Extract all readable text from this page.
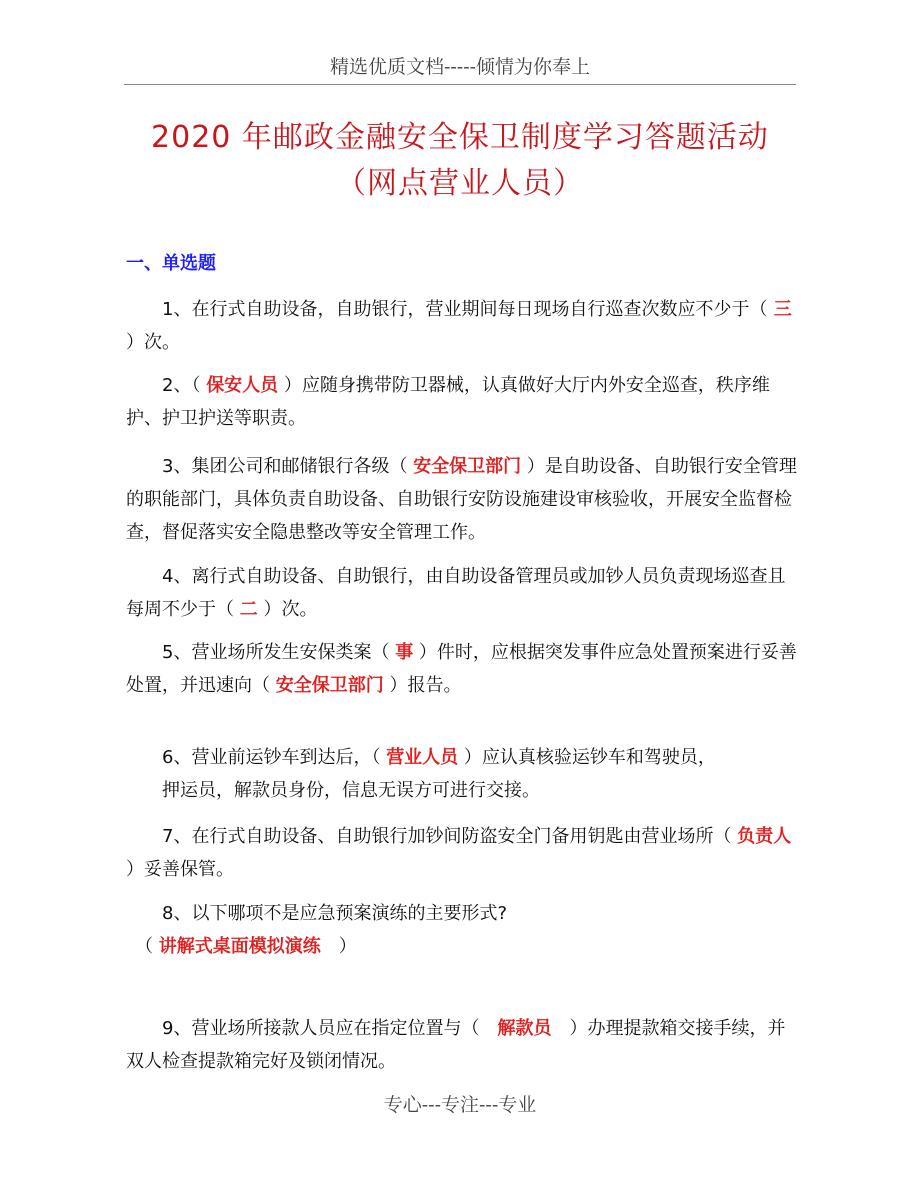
精选优质文档-----倾情为你奉上
2020 年邮政金融安全保卫制度学习答题活动
（网点营业人员）
一、单选题
　　1、在行式自助设备，自助银行，营业期间每日现场自行巡查次数应不少于（ 三 ）次。
　　2、（ 保安人员 ）应随身携带防卫器械，认真做好大厅内外安全巡查，秩序维护、护卫护送等职责。
　　3、集团公司和邮储银行各级（ 安全保卫部门 ）是自助设备、自助银行安全管理的职能部门，具体负责自助设备、自助银行安防设施建设审核验收，开展安全监督检查，督促落实安全隐患整改等安全管理工作。
　　4、离行式自助设备、自助银行，由自助设备管理员或加钞人员负责现场巡查且每周不少于（ 二 ）次。
　　5、营业场所发生安保类案（ 事 ）件时，应根据突发事件应急处置预案进行妥善处置，并迅速向（ 安全保卫部门 ）报告。
　　6、营业前运钞车到达后，（ 营业人员 ）应认真核验运钞车和驾驶员，
　　押运员，解款员身份，信息无误方可进行交接。
　　7、在行式自助设备、自助银行加钞间防盗安全门备用钥匙由营业场所（ 负责人 ）妥善保管。
　　8、以下哪项不是应急预案演练的主要形式?
　（ 讲解式桌面模拟演练　）
　　9、营业场所接款人员应在指定位置与（　解款员　）办理提款箱交接手续，并双人检查提款箱完好及锁闭情况。
专心---专注---专业
